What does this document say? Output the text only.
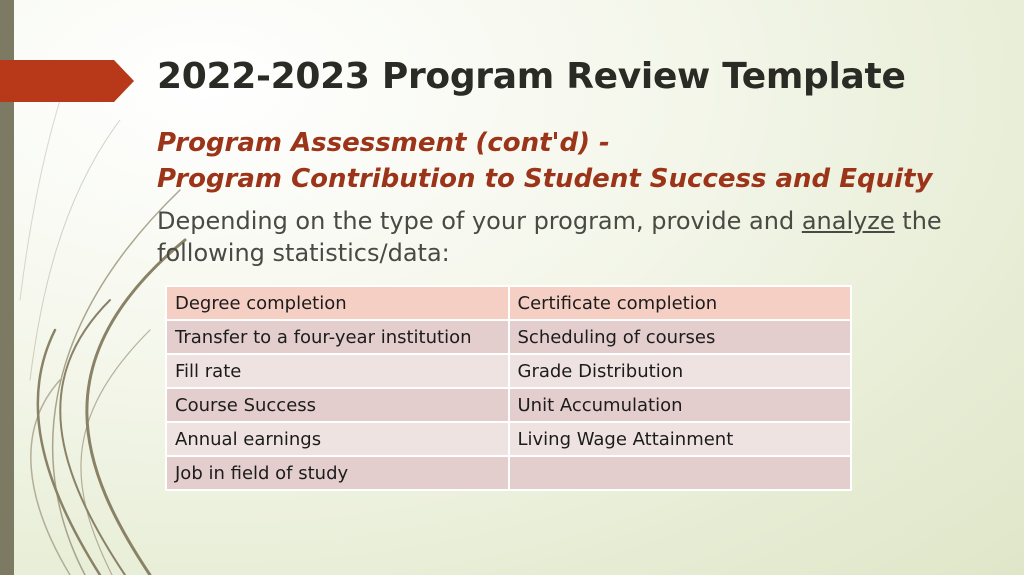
2022-2023 Program Review Template
Program Assessment (cont'd) -
Program Contribution to Student Success and Equity
Depending on the type of your program, provide and analyze the following statistics/data:
Degree completion	Certificate completion
Transfer to a four-year institution	Scheduling of courses
Fill rate	Grade Distribution
Course Success	Unit Accumulation
Annual earnings	Living Wage Attainment
Job in field of study	
